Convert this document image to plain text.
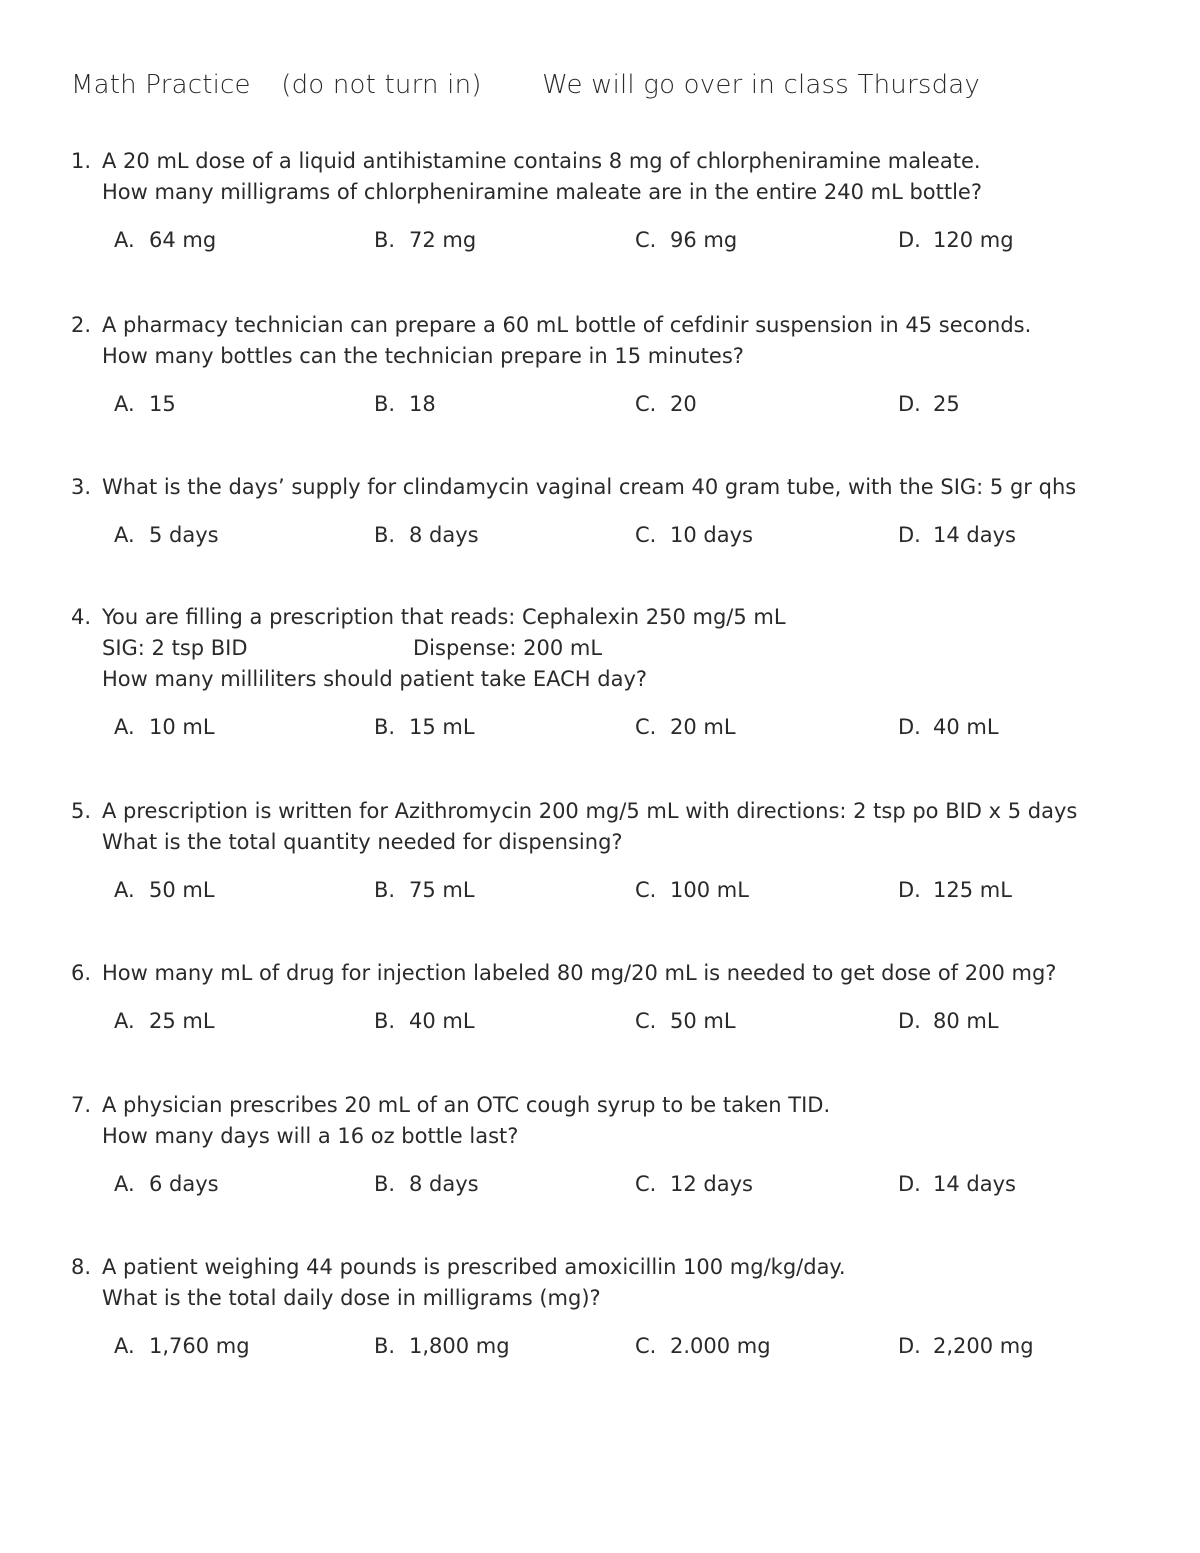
Math Practice (do not turn in) We will go over in class Thursday
1. A 20 mL dose of a liquid antihistamine contains 8 mg of chlorpheniramine maleate.
How many milligrams of chlorpheniramine maleate are in the entire 240 mL bottle?
A. 64 mg	B. 72 mg	C. 96 mg	D. 120 mg
2. A pharmacy technician can prepare a 60 mL bottle of cefdinir suspension in 45 seconds.
How many bottles can the technician prepare in 15 minutes?
A. 15	B. 18	C. 20	D. 25
3. What is the days’ supply for clindamycin vaginal cream 40 gram tube, with the SIG: 5 gr qhs
A. 5 days	B. 8 days	C. 10 days	D. 14 days
4. You are filling a prescription that reads: Cephalexin 250 mg/5 mL
SIG: 2 tsp BID	Dispense: 200 mL
How many milliliters should patient take EACH day?
A. 10 mL	B. 15 mL	C. 20 mL	D. 40 mL
5. A prescription is written for Azithromycin 200 mg/5 mL with directions: 2 tsp po BID x 5 days
What is the total quantity needed for dispensing?
A. 50 mL	B. 75 mL	C. 100 mL	D. 125 mL
6. How many mL of drug for injection labeled 80 mg/20 mL is needed to get dose of 200 mg?
A. 25 mL	B. 40 mL	C. 50 mL	D. 80 mL
7. A physician prescribes 20 mL of an OTC cough syrup to be taken TID.
How many days will a 16 oz bottle last?
A. 6 days	B. 8 days	C. 12 days	D. 14 days
8. A patient weighing 44 pounds is prescribed amoxicillin 100 mg/kg/day.
What is the total daily dose in milligrams (mg)?
A. 1,760 mg	B. 1,800 mg	C. 2.000 mg	D. 2,200 mg
